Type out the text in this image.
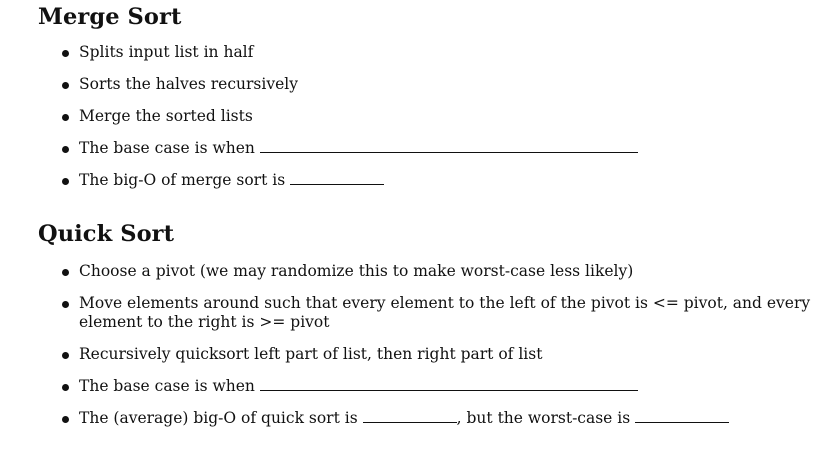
Merge Sort
Splits input list in half
Sorts the halves recursively
Merge the sorted lists
The base case is when
The big-O of merge sort is
Quick Sort
Choose a pivot (we may randomize this to make worst-case less likely)
Move elements around such that every element to the left of the pivot is <= pivot, and every element to the right is >= pivot
Recursively quicksort left part of list, then right part of list
The base case is when
The (average) big-O of quick sort is	, but the worst-case is
